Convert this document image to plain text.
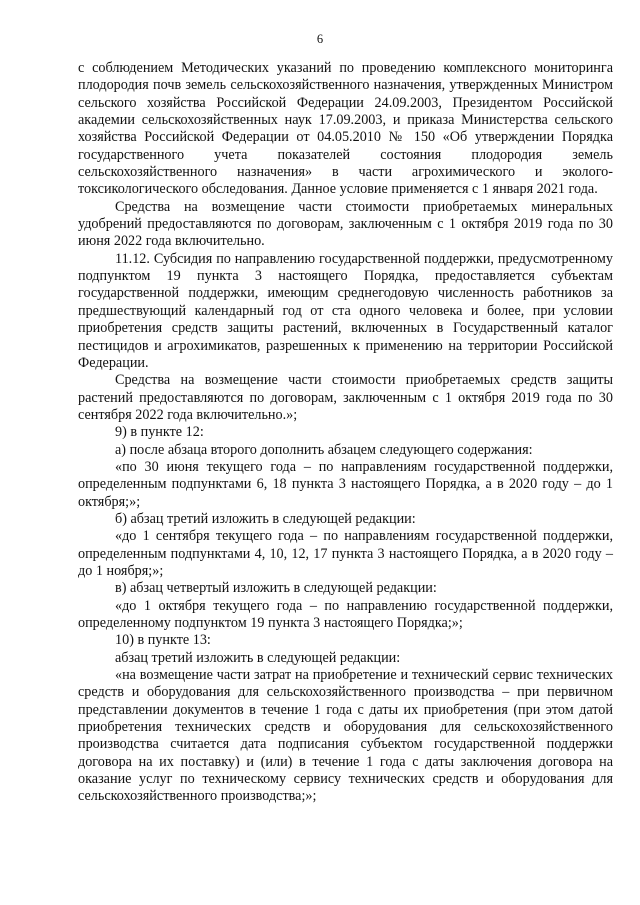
6

с соблюдением Методических указаний по проведению комплексного мониторинга плодородия почв земель сельскохозяйственного назначения, утвержденных Министром сельского хозяйства Российской Федерации 24.09.2003, Президентом Российской академии сельскохозяйственных наук 17.09.2003, и приказа Министерства сельского хозяйства Российской Федерации от 04.05.2010 № 150 «Об утверждении Порядка государственного учета показателей состояния плодородия земель сельскохозяйственного назначения» в части агрохимического и эколого-токсикологического обследования. Данное условие применяется с 1 января 2021 года.

Средства на возмещение части стоимости приобретаемых минеральных удобрений предоставляются по договорам, заключенным с 1 октября 2019 года по 30 июня 2022 года включительно.

11.12. Субсидия по направлению государственной поддержки, предусмотренному подпунктом 19 пункта 3 настоящего Порядка, предоставляется субъектам государственной поддержки, имеющим среднегодовую численность работников за предшествующий календарный год от ста одного человека и более, при условии приобретения средств защиты растений, включенных в Государственный каталог пестицидов и агрохимикатов, разрешенных к применению на территории Российской Федерации.

Средства на возмещение части стоимости приобретаемых средств защиты растений предоставляются по договорам, заключенным с 1 октября 2019 года по 30 сентября 2022 года включительно.»;

9) в пункте 12:

а) после абзаца второго дополнить абзацем следующего содержания:

«по 30 июня текущего года – по направлениям государственной поддержки, определенным подпунктами 6, 18 пункта 3 настоящего Порядка, а в 2020 году – до 1 октября;»;

б) абзац третий изложить в следующей редакции:

«до 1 сентября текущего года – по направлениям государственной поддержки, определенным подпунктами 4, 10, 12, 17 пункта 3 настоящего Порядка, а в 2020 году – до 1 ноября;»;

в) абзац четвертый изложить в следующей редакции:

«до 1 октября текущего года – по направлению государственной поддержки, определенному подпунктом 19 пункта 3 настоящего Порядка;»;

10) в пункте 13:

абзац третий изложить в следующей редакции:

«на возмещение части затрат на приобретение и технический сервис технических средств и оборудования для сельскохозяйственного производства – при первичном представлении документов в течение 1 года с даты их приобретения (при этом датой приобретения технических средств и оборудования для сельскохозяйственного производства считается дата подписания субъектом государственной поддержки договора на их поставку) и (или) в течение 1 года с даты заключения договора на оказание услуг по техническому сервису технических средств и оборудования для сельскохозяйственного производства;»;
